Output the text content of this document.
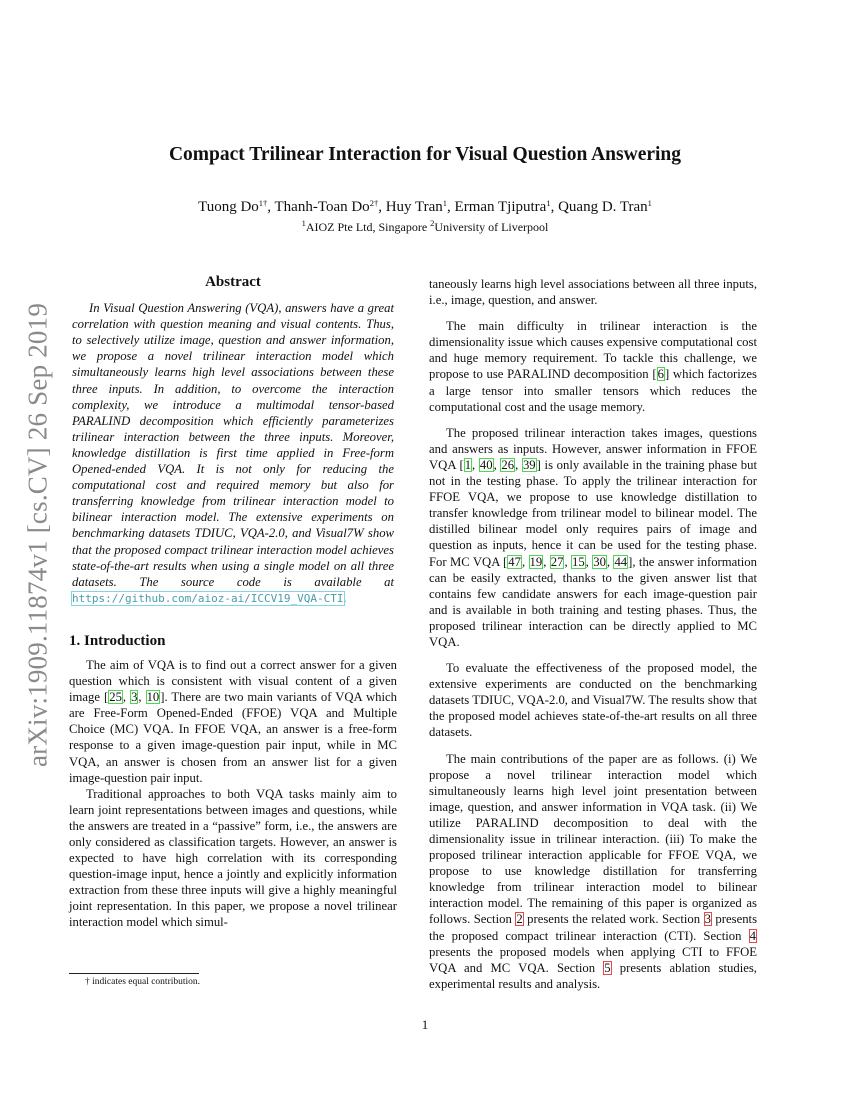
arXiv:1909.11874v1 [cs.CV] 26 Sep 2019
Compact Trilinear Interaction for Visual Question Answering
Tuong $Do^{1\dagger}$, Thanh-Toan $Do^{2\dagger}$, Huy Tran$^1$, Erman Tjiputra$^1$, Quang D. Tran$^1$
$^1$AIOZ Pte Ltd, Singapore $^2$University of Liverpool
Abstract

In Visual Question Answering (VQA), answers have a great correlation with question meaning and visual contents. Thus, to selectively utilize image, question and answer information, we propose a novel trilinear interaction model which simultaneously learns high level associations between these three inputs. In addition, to overcome the interaction complexity, we introduce a multimodal tensor-based PARALIND decomposition which efficiently parameterizes trilinear interaction between the three inputs. Moreover, knowledge distillation is first time applied in Free-form Opened-ended VQA. It is not only for reducing the computational cost and required memory but also for transferring knowledge from trilinear interaction model to bilinear interaction model. The extensive experiments on benchmarking datasets TDIUC, VQA-2.0, and Visual7W show that the proposed compact trilinear interaction model achieves state-of-the-art results when using a single model on all three datasets. The source code is available at https://github.com/aioz-ai/ICCV19_VQA-CTI.

1. Introduction

The aim of VQA is to find out a correct answer for a given question which is consistent with visual content of a given image [25, 3, 10]. There are two main variants of VQA which are Free-Form Opened-Ended (FFOE) VQA and Multiple Choice (MC) VQA. In FFOE VQA, an answer is a free-form response to a given image-question pair input, while in MC VQA, an answer is chosen from an answer list for a given image-question pair input.

Traditional approaches to both VQA tasks mainly aim to learn joint representations between images and questions, while the answers are treated in a “passive” form, i.e., the answers are only considered as classification targets. However, an answer is expected to have high correlation with its corresponding question-image input, hence a jointly and explicitly information extraction from these three inputs will give a highly meaningful joint representation. In this paper, we propose a novel trilinear interaction model which simul-

taneously learns high level associations between all three inputs, i.e., image, question, and answer.

The main difficulty in trilinear interaction is the dimensionality issue which causes expensive computational cost and huge memory requirement. To tackle this challenge, we propose to use PARALIND decomposition [6] which factorizes a large tensor into smaller tensors which reduces the computational cost and the usage memory.

The proposed trilinear interaction takes images, questions and answers as inputs. However, answer information in FFOE VQA [1, 40, 26, 39] is only available in the training phase but not in the testing phase. To apply the trilinear interaction for FFOE VQA, we propose to use knowledge distillation to transfer knowledge from trilinear model to bilinear model. The distilled bilinear model only requires pairs of image and question as inputs, hence it can be used for the testing phase. For MC VQA [47, 19, 27, 15, 30, 44], the answer information can be easily extracted, thanks to the given answer list that contains few candidate answers for each image-question pair and is available in both training and testing phases. Thus, the proposed trilinear interaction can be directly applied to MC VQA.

To evaluate the effectiveness of the proposed model, the extensive experiments are conducted on the benchmarking datasets TDIUC, VQA-2.0, and Visual7W. The results show that the proposed model achieves state-of-the-art results on all three datasets.

The main contributions of the paper are as follows. (i) We propose a novel trilinear interaction model which simultaneously learns high level joint presentation between image, question, and answer information in VQA task. (ii) We utilize PARALIND decomposition to deal with the dimensionality issue in trilinear interaction. (iii) To make the proposed trilinear interaction applicable for FFOE VQA, we propose to use knowledge distillation for transferring knowledge from trilinear interaction model to bilinear interaction model. The remaining of this paper is organized as follows. Section 2 presents the related work. Section 3 presents the proposed compact trilinear interaction (CTI). Section 4 presents the proposed models when applying CTI to FFOE VQA and MC VQA. Section 5 presents ablation studies, experimental results and analysis.

† indicates equal contribution.
1
